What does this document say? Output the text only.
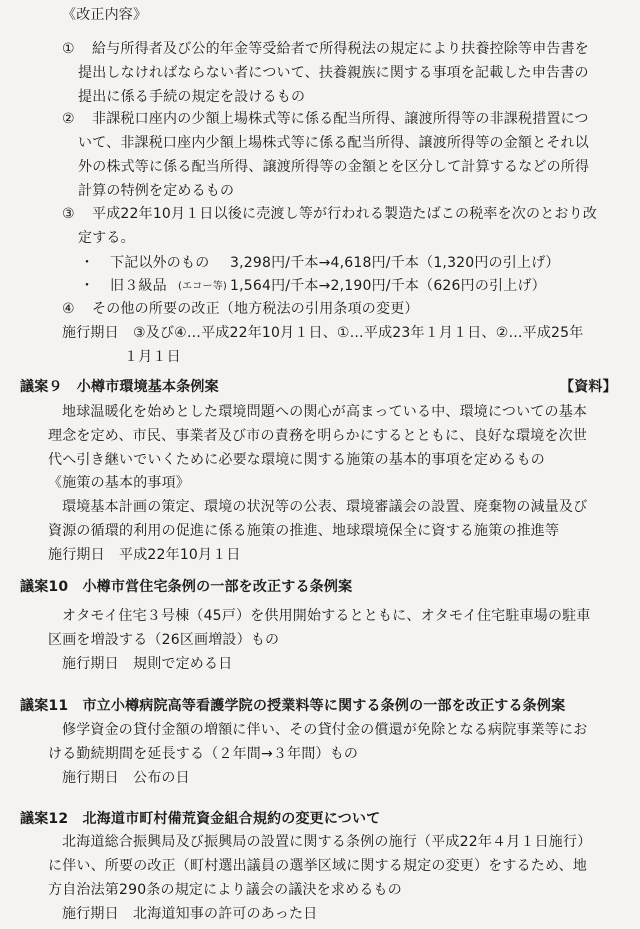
《改正内容》
① 給与所得者及び公的年金等受給者で所得税法の規定により扶養控除等申告書を
提出しなければならない者について、扶養親族に関する事項を記載した申告書の
提出に係る手続の規定を設けるもの
② 非課税口座内の少額上場株式等に係る配当所得、譲渡所得等の非課税措置につ
いて、非課税口座内少額上場株式等に係る配当所得、譲渡所得等の金額とそれ以
外の株式等に係る配当所得、譲渡所得等の金額とを区分して計算するなどの所得
計算の特例を定めるもの
③ 平成22年10月１日以後に売渡し等が行われる製造たばこの税率を次のとおり改
定する。
・ 下記以外のもの 3,298円/千本→4,618円/千本（1,320円の引上げ）
・ 旧３級品 (エコー等) 1,564円/千本→2,190円/千本（626円の引上げ）
④ その他の所要の改正（地方税法の引用条項の変更）
施行期日　③及び④…平成22年10月１日、①…平成23年１月１日、②…平成25年
１月１日
議案９　小樽市環境基本条例案	【資料】
地球温暖化を始めとした環境問題への関心が高まっている中、環境についての基本
理念を定め、市民、事業者及び市の責務を明らかにするとともに、良好な環境を次世
代へ引き継いでいくために必要な環境に関する施策の基本的事項を定めるもの
《施策の基本的事項》
環境基本計画の策定、環境の状況等の公表、環境審議会の設置、廃棄物の減量及び
資源の循環的利用の促進に係る施策の推進、地球環境保全に資する施策の推進等
施行期日　平成22年10月１日
議案10　小樽市営住宅条例の一部を改正する条例案
オタモイ住宅３号棟（45戸）を供用開始するとともに、オタモイ住宅駐車場の駐車
区画を増設する（26区画増設）もの
施行期日　規則で定める日
議案11　市立小樽病院高等看護学院の授業料等に関する条例の一部を改正する条例案
修学資金の貸付金額の増額に伴い、その貸付金の償還が免除となる病院事業等にお
ける勤続期間を延長する（２年間→３年間）もの
施行期日　公布の日
議案12　北海道市町村備荒資金組合規約の変更について
北海道総合振興局及び振興局の設置に関する条例の施行（平成22年４月１日施行）
に伴い、所要の改正（町村選出議員の選挙区域に関する規定の変更）をするため、地
方自治法第290条の規定により議会の議決を求めるもの
施行期日　北海道知事の許可のあった日
